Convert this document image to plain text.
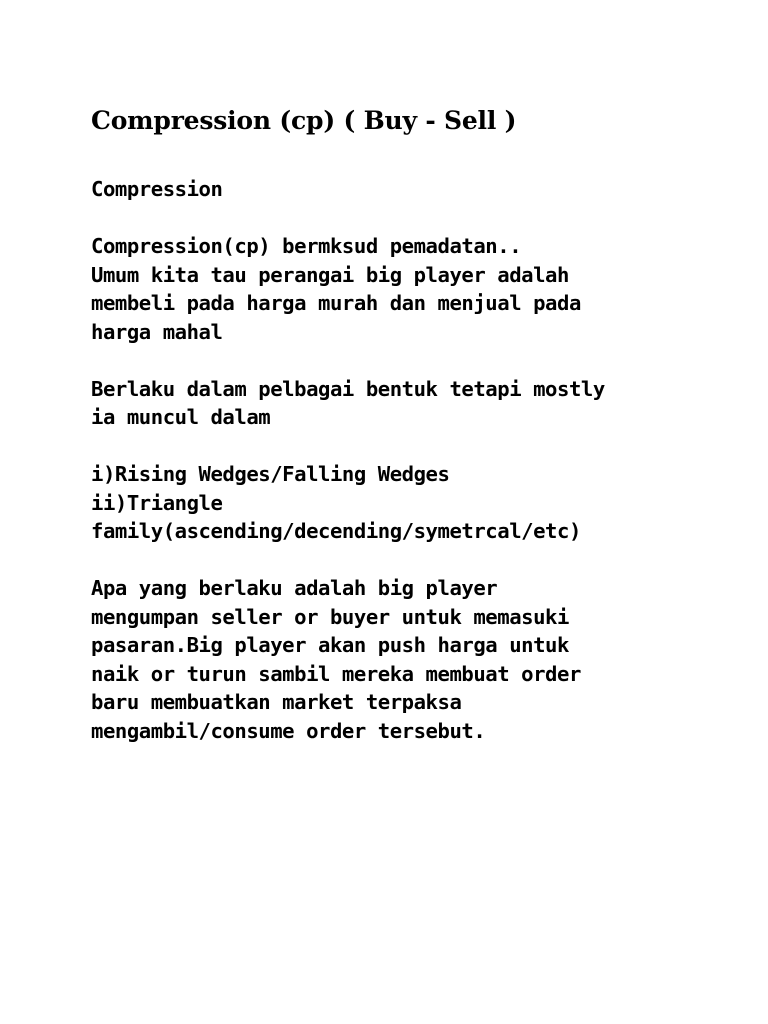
Compression (cp) ( Buy - Sell )

Compression

Compression(cp) bermksud pemadatan..
Umum kita tau perangai big player adalah
membeli pada harga murah dan menjual pada
harga mahal

Berlaku dalam pelbagai bentuk tetapi mostly
ia muncul dalam

i)Rising Wedges/Falling Wedges
ii)Triangle
family(ascending/decending/symetrcal/etc)

Apa yang berlaku adalah big player
mengumpan seller or buyer untuk memasuki
pasaran.Big player akan push harga untuk
naik or turun sambil mereka membuat order
baru membuatkan market terpaksa
mengambil/consume order tersebut.
